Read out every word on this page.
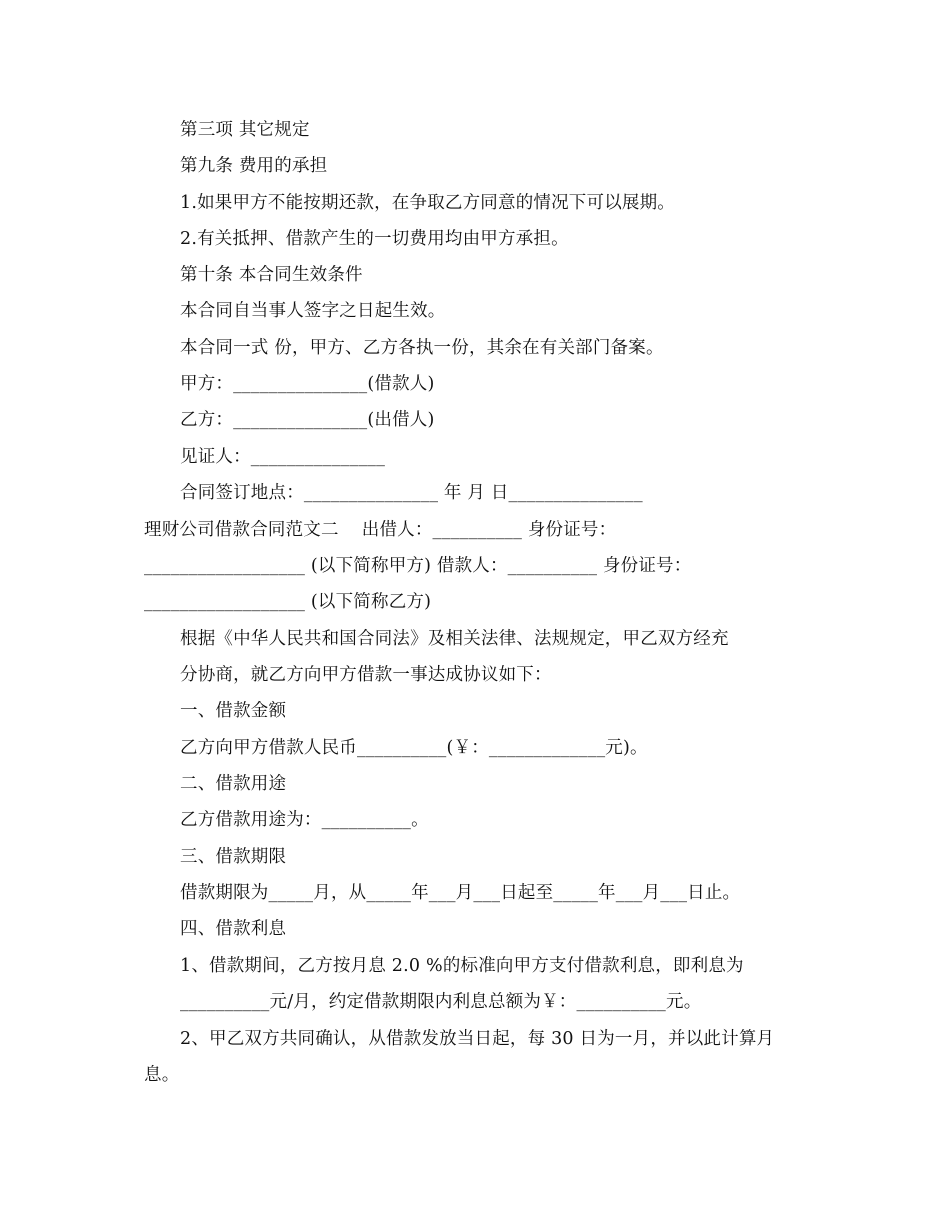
第三项 其它规定
第九条 费用的承担
1.如果甲方不能按期还款，在争取乙方同意的情况下可以展期。
2.有关抵押、借款产生的一切费用均由甲方承担。
第十条 本合同生效条件
本合同自当事人签字之日起生效。
本合同一式 份，甲方、乙方各执一份，其余在有关部门备案。
甲方：_______________(借款人)
乙方：_______________(出借人)
见证人：_______________
合同签订地点：_______________ 年 月 日_______________
理财公司借款合同范文二    出借人：__________ 身份证号：
__________________ (以下简称甲方) 借款人：__________ 身份证号：
__________________ (以下简称乙方)
根据《中华人民共和国合同法》及相关法律、法规规定，甲乙双方经充
分协商，就乙方向甲方借款一事达成协议如下：
一、借款金额
乙方向甲方借款人民币__________(￥：_____________元)。
二、借款用途
乙方借款用途为：__________。
三、借款期限
借款期限为_____月，从_____年___月___日起至_____年___月___日止。
四、借款利息
1、借款期间，乙方按月息 2.0 %的标准向甲方支付借款利息，即利息为
__________元/月，约定借款期限内利息总额为￥：__________元。
2、甲乙双方共同确认，从借款发放当日起，每 30 日为一月，并以此计算月
息。
